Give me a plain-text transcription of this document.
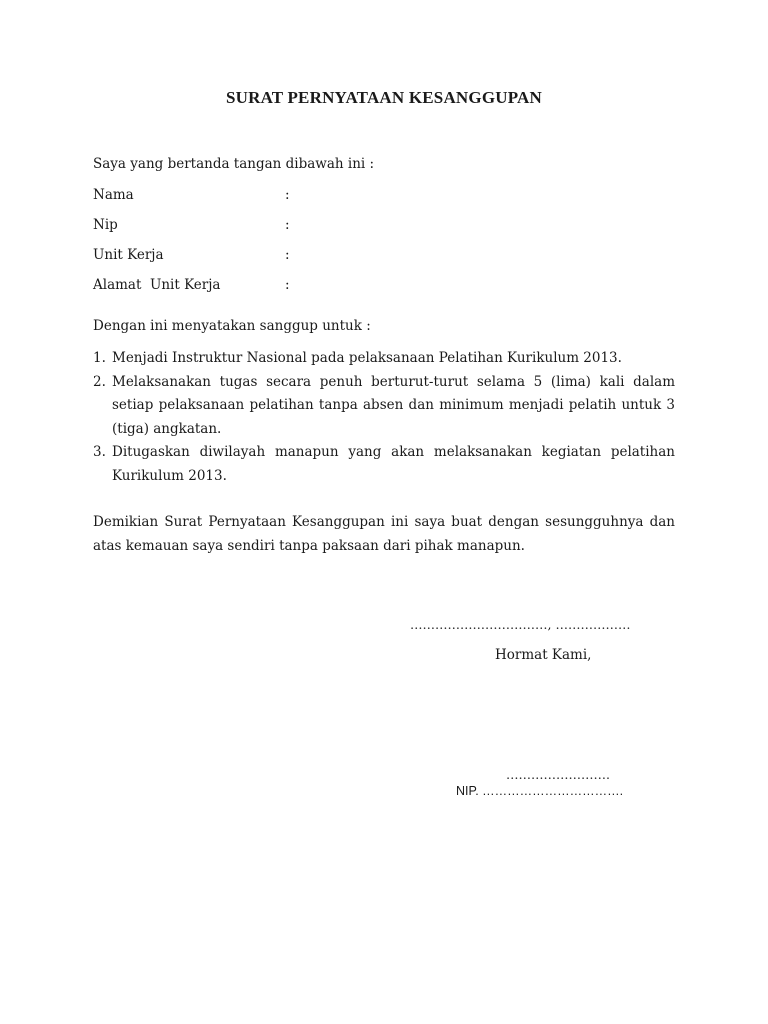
SURAT PERNYATAAN KESANGGUPAN
Saya yang bertanda tangan dibawah ini :
Nama	:
Nip	:
Unit Kerja	:
Alamat  Unit Kerja	:
Dengan ini menyatakan sanggup untuk :
1. Menjadi Instruktur Nasional pada pelaksanaan Pelatihan Kurikulum 2013.
2. Melaksanakan tugas secara penuh berturut-turut selama 5 (lima) kali dalam setiap pelaksanaan pelatihan tanpa absen dan minimum menjadi pelatih untuk 3 (tiga) angkatan.
3. Ditugaskan diwilayah manapun yang akan melaksanakan kegiatan pelatihan Kurikulum 2013.
Demikian Surat Pernyataan Kesanggupan ini saya buat dengan sesungguhnya dan atas kemauan saya sendiri tanpa paksaan dari pihak manapun.
……………………………, ………………
Hormat Kami,
…………………….
NIP. …………………………….
